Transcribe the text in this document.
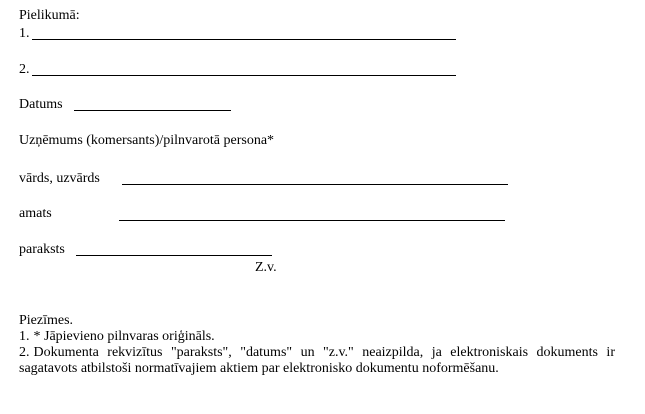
Pielikumā:
1.
2.
Datums
Uzņēmums (komersants)/pilnvarotā persona*
vārds, uzvārds
amats
paraksts
Z.v.
Piezīmes.
1. * Jāpievieno pilnvaras oriģināls.
2. Dokumenta rekvizītus "paraksts", "datums" un "z.v." neaizpilda, ja elektroniskais dokuments ir sagatavots atbilstoši normatīvajiem aktiem par elektronisko dokumentu noformēšanu.
